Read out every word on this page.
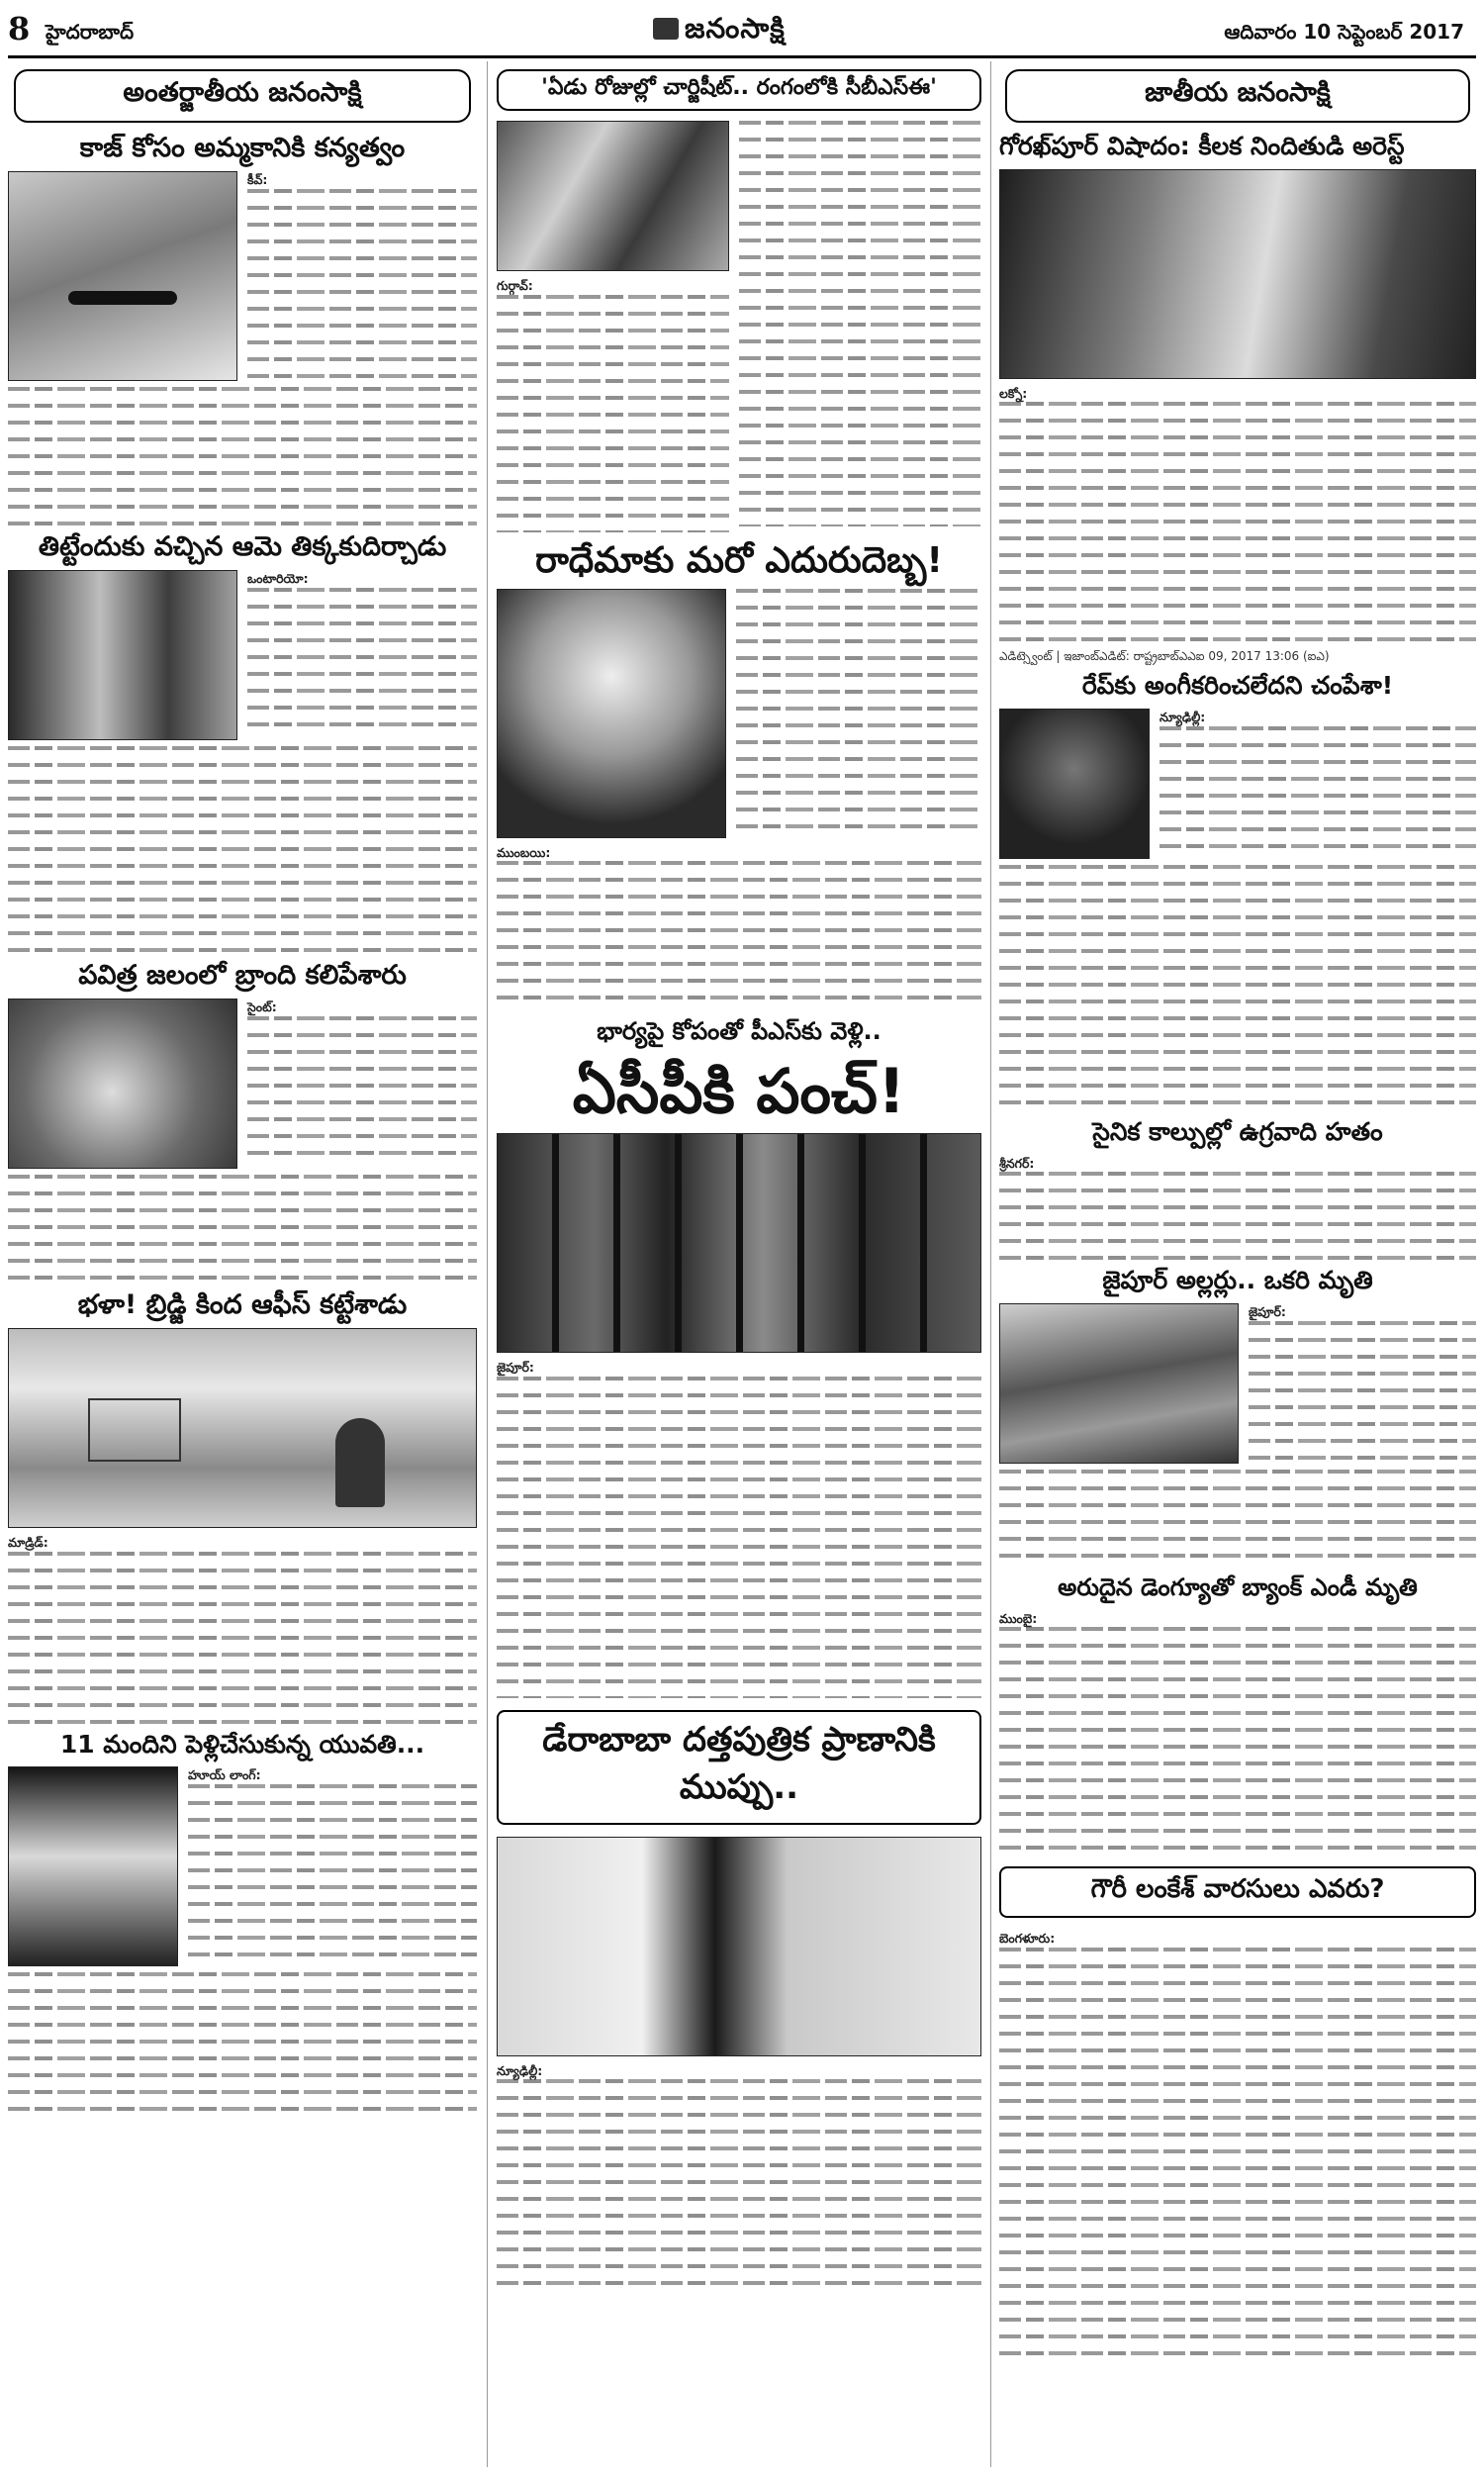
8 హైదరాబాద్	జనంసాక్షి	ఆదివారం 10 సెప్టెంబర్ 2017
అంతర్జాతీయ జనంసాక్షి
కాజ్ కోసం అమ్మకానికి కన్యత్వం
కీవ్:
తిట్టేందుకు వచ్చిన ఆమె తిక్కకుదిర్చాడు
ఒంటారియో:
పవిత్ర జలంలో బ్రాంది కలిపేశారు
సైంట్:
భళా! బ్రిడ్జి కింద ఆఫీస్ కట్టేశాడు
మాడ్రిడ్:
11 మందిని పెళ్లిచేసుకున్న యువతి...
హూయ్ లాంగ్:
'ఏడు రోజుల్లో చార్జిషీట్.. రంగంలోకి సీబీఎస్ఈ'
గుర్గావ్:
రాధేమాకు మరో ఎదురుదెబ్బ!
ముంబయి:
భార్యపై కోపంతో పీఎస్‌కు వెళ్లి..
ఏసీపీకి పంచ్!
జైపూర్:
డేరాబాబా దత్తపుత్రిక ప్రాణానికి ముప్పు..
న్యూఢిల్లీ:
జాతీయ జనంసాక్షి
గోరఖ్‌పూర్ విషాదం: కీలక నిందితుడి అరెస్ట్
లక్నో:
ఎడిట్స్వెంట్ | ఇజాంబ్ఎడిట్: రాష్ట్రబాబ్ఎఎఐ 09, 2017 13:06 (ఐఎ)
రేప్‌కు అంగీకరించలేదని చంపేశా!
న్యూఢిల్లీ:
సైనిక కాల్పుల్లో ఉగ్రవాది హతం
శ్రీనగర్:
జైపూర్ అల్లర్లు.. ఒకరి మృతి
జైపూర్:
అరుదైన డెంగ్యూతో బ్యాంక్ ఎండీ మృతి
ముంబై:
గౌరీ లంకేశ్ వారసులు ఎవరు?
బెంగళూరు:
